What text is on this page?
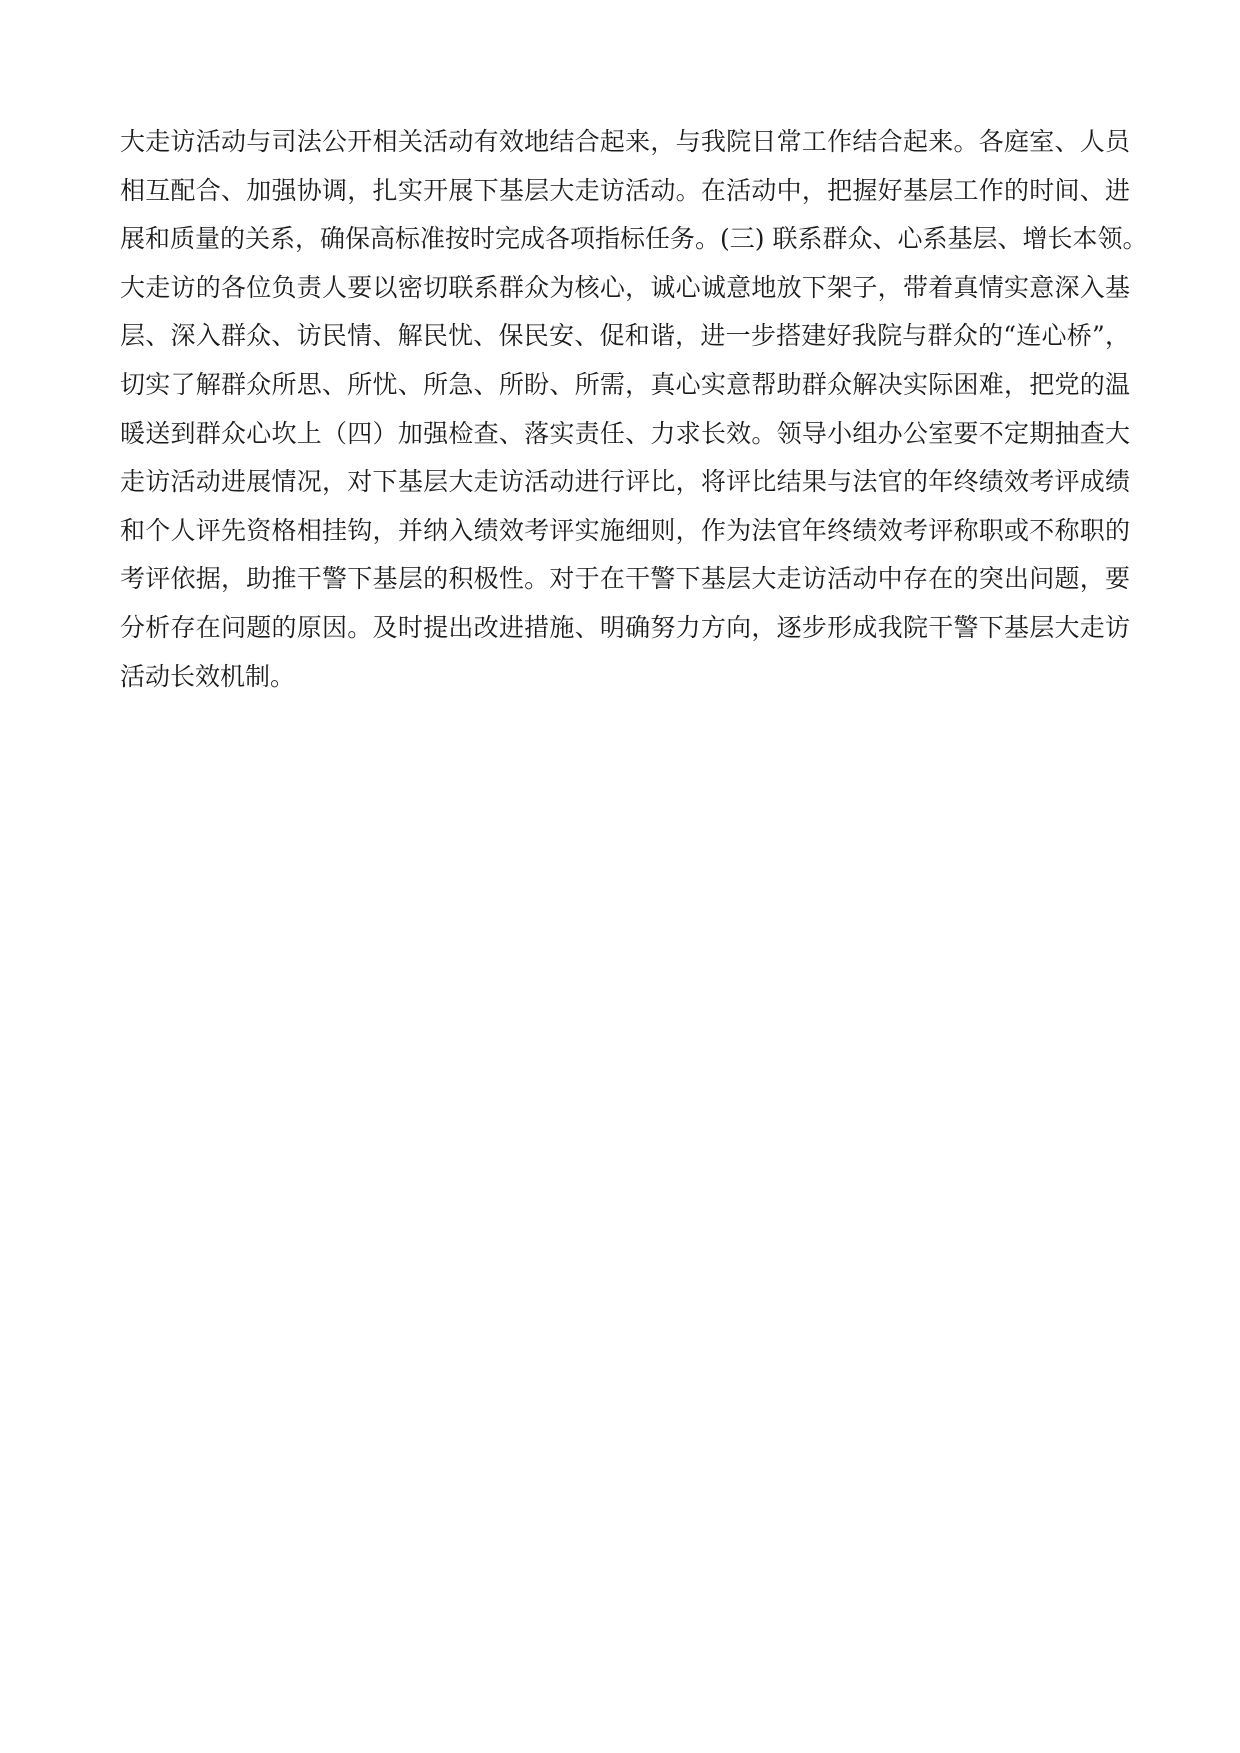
大走访活动与司法公开相关活动有效地结合起来，与我院日常工作结合起来。各庭室、人员
相互配合、加强协调，扎实开展下基层大走访活动。在活动中，把握好基层工作的时间、进
展和质量的关系，确保高标准按时完成各项指标任务。(三) 联系群众、心系基层、增长本领。
大走访的各位负责人要以密切联系群众为核心，诚心诚意地放下架子，带着真情实意深入基
层、深入群众、访民情、解民忧、保民安、促和谐，进一步搭建好我院与群众的“连心桥”，
切实了解群众所思、所忧、所急、所盼、所需，真心实意帮助群众解决实际困难，把党的温
暖送到群众心坎上（四）加强检查、落实责任、力求长效。领导小组办公室要不定期抽查大
走访活动进展情况，对下基层大走访活动进行评比，将评比结果与法官的年终绩效考评成绩
和个人评先资格相挂钩，并纳入绩效考评实施细则，作为法官年终绩效考评称职或不称职的
考评依据，助推干警下基层的积极性。对于在干警下基层大走访活动中存在的突出问题，要
分析存在问题的原因。及时提出改进措施、明确努力方向，逐步形成我院干警下基层大走访
活动长效机制。
